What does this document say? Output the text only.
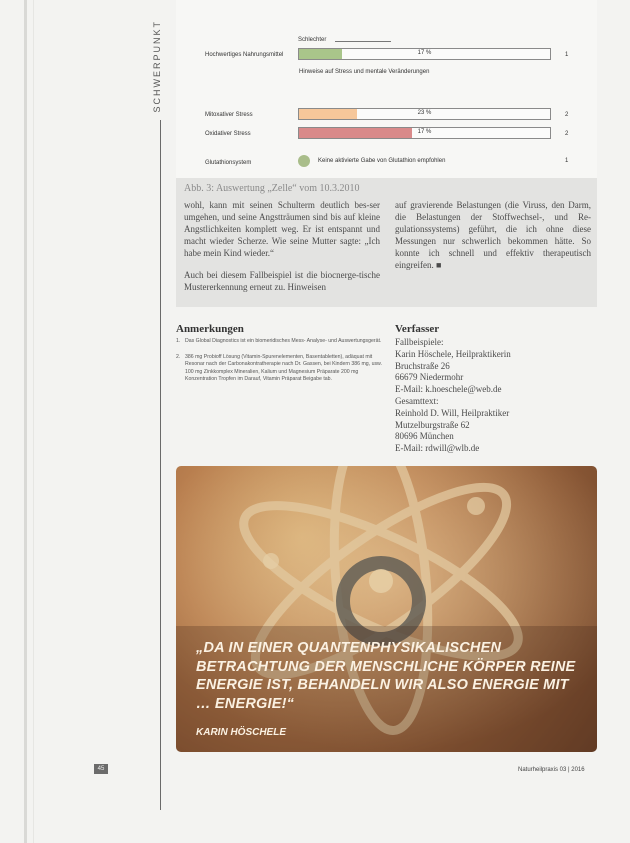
SCHWERPUNKT	Schlechter
Hochwertiges Nahrungsmittel	17 %	1
Hinweise auf Stress und mentale Veränderungen
Mitoxativer Stress	23 %	2
Oxidativer Stress	17 %	2
Glutathionsystem	Keine aktivierte Gabe von Glutathion empfohlen	1
Abb. 3: Auswertung „Zelle“ vom 10.3.2010

wohl, kann mit seinen Schulterm deutlich bes-ser umgehen, und seine Angstträumen sind bis auf kleine Angstlichkeiten komplett weg. Er ist entspannt und macht wieder Scherze. Wie seine Mutter sagte: „Ich habe mein Kind wieder.“

Auch bei diesem Fallbeispiel ist die biocnerge-tische Mustererkennung erneut zu. Hinweisen

auf gravierende Belastungen (die Viruss, den Darm, die Belastungen der Stoffwechsel-, und Re-gulationssystems) geführt, die ich ohne diese Messungen nur schwerlich bekommen hätte. So konnte ich schnell und effektiv therapeutisch eingreifen. ■

Anmerkungen
1. Das Global Diagnostics ist ein biomeridisches Mess- Analyse- und Auswertungsgerät.
2. 386 mg Probioff Lösung (Vitamin-Spurenelementen, Basentabletten), adäquat mit Resonar nach der Carbonakontratherapie nach Dr. Gassen, bei Kindern 386 mg, usw. 100 mg Zinkkomplex Mineralien, Kalium und Magnesium Präparate 200 mg Konzentration Tropfen im Darauf, Vitamin Präparat Beigabe tab.
Verfasser
Fallbeispiele:
Karin Höschele, Heilpraktikerin
Bruchstraße 26
66679 Niedermohr
E-Mail: k.hoeschele@web.de
Gesamttext:
Reinhold D. Will, Heilpraktiker
Mutzelburgstraße 62
80696 München
E-Mail: rdwill@wlb.de
„DA IN EINER QUANTENPHYSIKALISCHEN BETRACHTUNG DER MENSCHLICHE KÖRPER REINE ENERGIE IST, BEHANDELN WIR ALSO ENERGIE MIT … ENERGIE!“
KARIN HÖSCHELE
45	Naturheilpraxis 03 | 2016
